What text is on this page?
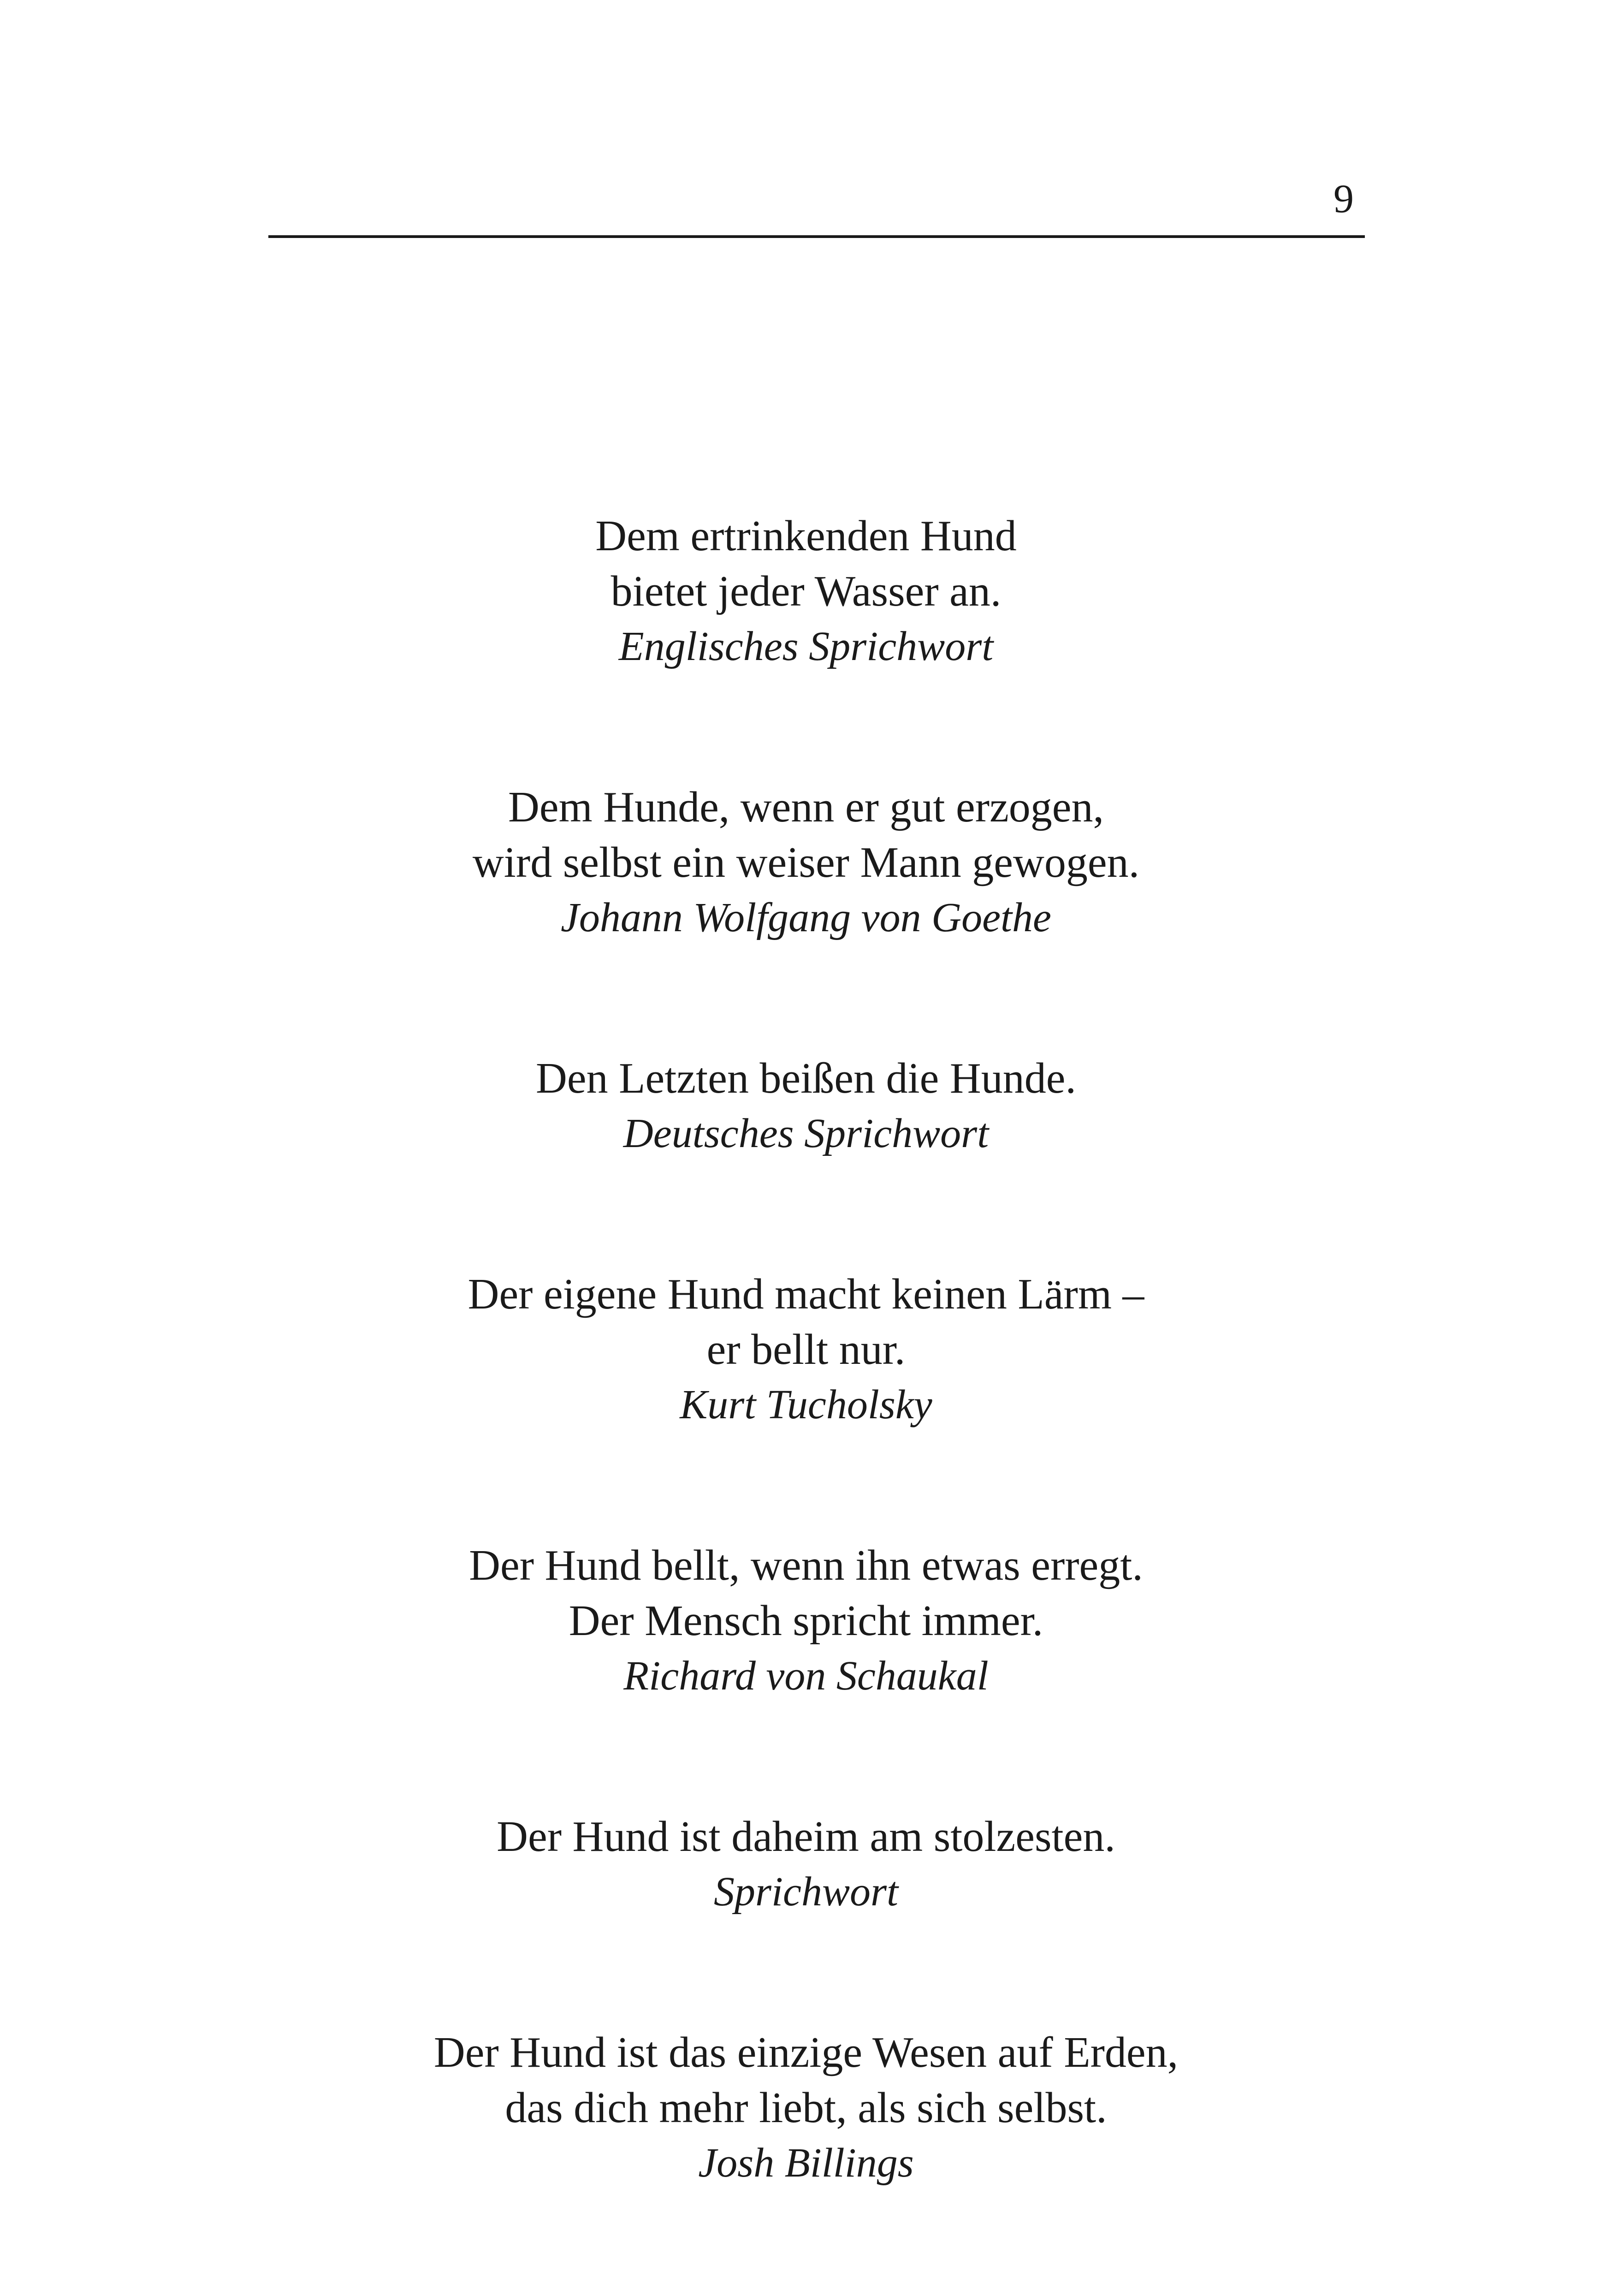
9
Dem ertrinkenden Hund
bietet jeder Wasser an.
Englisches Sprichwort
Dem Hunde, wenn er gut erzogen,
wird selbst ein weiser Mann gewogen.
Johann Wolfgang von Goethe
Den Letzten beißen die Hunde.
Deutsches Sprichwort
Der eigene Hund macht keinen Lärm –
er bellt nur.
Kurt Tucholsky
Der Hund bellt, wenn ihn etwas erregt.
Der Mensch spricht immer.
Richard von Schaukal
Der Hund ist daheim am stolzesten.
Sprichwort
Der Hund ist das einzige Wesen auf Erden,
das dich mehr liebt, als sich selbst.
Josh Billings
